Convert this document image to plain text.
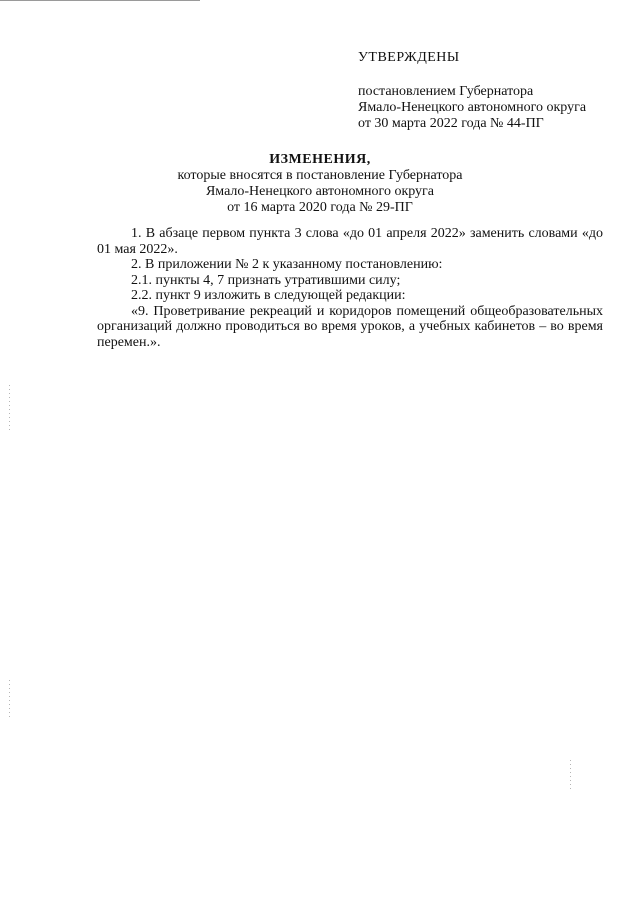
УТВЕРЖДЕНЫ
постановлением Губернатора
Ямало-Ненецкого автономного округа
от 30 марта 2022 года № 44-ПГ
ИЗМЕНЕНИЯ,
которые вносятся в постановление Губернатора
Ямало-Ненецкого автономного округа
от 16 марта 2020 года № 29-ПГ

1. В абзаце первом пункта 3 слова «до 01 апреля 2022» заменить словами «до 01 мая 2022».

2. В приложении № 2 к указанному постановлению:

2.1. пункты 4, 7 признать утратившими силу;

2.2. пункт 9 изложить в следующей редакции:

«9. Проветривание рекреаций и коридоров помещений общеобразовательных организаций должно проводиться во время уроков, а учебных кабинетов – во время перемен.».
